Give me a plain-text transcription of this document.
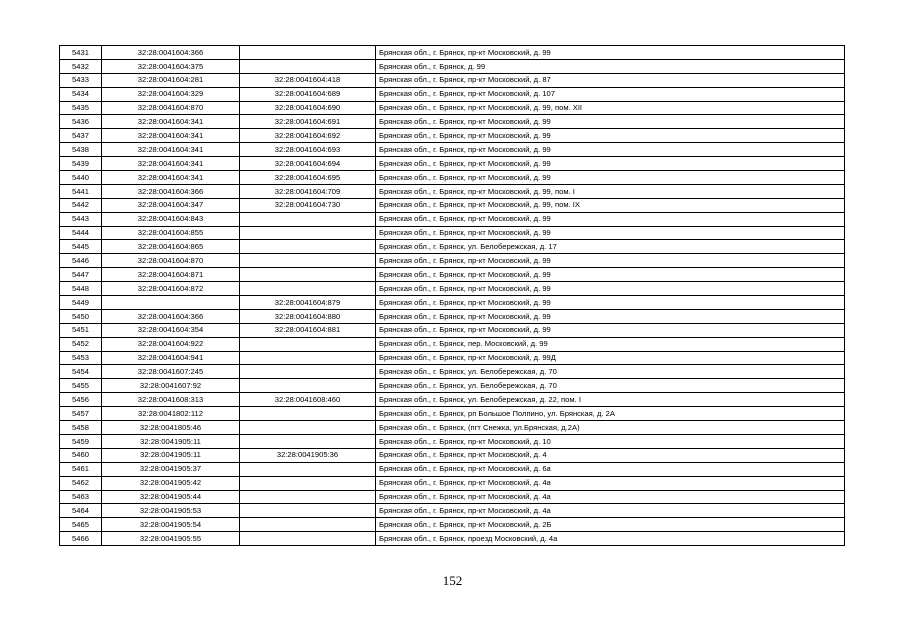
5431	32:28:0041604:366		Брянская обл., г. Брянск, пр-кт Московский, д. 99
5432	32:28:0041604:375		Брянская обл., г. Брянск, д. 99
5433	32:28:0041604:281	32:28:0041604:418	Брянская обл., г. Брянск, пр-кт Московский, д. 87
5434	32:28:0041604:329	32:28:0041604:689	Брянская обл., г. Брянск, пр-кт Московский, д. 107
5435	32:28:0041604:870	32:28:0041604:690	Брянская обл., г. Брянск, пр-кт Московский, д. 99, пом. XII
5436	32:28:0041604:341	32:28:0041604:691	Брянская обл., г. Брянск, пр-кт Московский, д. 99
5437	32:28:0041604:341	32:28:0041604:692	Брянская обл., г. Брянск, пр-кт Московский, д. 99
5438	32:28:0041604:341	32:28:0041604:693	Брянская обл., г. Брянск, пр-кт Московский, д. 99
5439	32:28:0041604:341	32:28:0041604:694	Брянская обл., г. Брянск, пр-кт Московский, д. 99
5440	32:28:0041604:341	32:28:0041604:695	Брянская обл., г. Брянск, пр-кт Московский, д. 99
5441	32:28:0041604:366	32:28:0041604:709	Брянская обл., г. Брянск, пр-кт Московский, д. 99, пом. I
5442	32:28:0041604:347	32:28:0041604:730	Брянская обл., г. Брянск, пр-кт Московский, д. 99, пом. IX
5443	32:28:0041604:843		Брянская обл., г. Брянск, пр-кт Московский, д. 99
5444	32:28:0041604:855		Брянская обл., г. Брянск, пр-кт Московский, д. 99
5445	32:28:0041604:865		Брянская обл., г. Брянск, ул. Белобережская, д. 17
5446	32:28:0041604:870		Брянская обл., г. Брянск, пр-кт Московский, д. 99
5447	32:28:0041604:871		Брянская обл., г. Брянск, пр-кт Московский, д. 99
5448	32:28:0041604:872		Брянская обл., г. Брянск, пр-кт Московский, д. 99
5449		32:28:0041604:879	Брянская обл., г. Брянск, пр-кт Московский, д. 99
5450	32:28:0041604:366	32:28:0041604:880	Брянская обл., г. Брянск, пр-кт Московский, д. 99
5451	32:28:0041604:354	32:28:0041604:881	Брянская обл., г. Брянск, пр-кт Московский, д. 99
5452	32:28:0041604:922		Брянская обл., г. Брянск, пер. Московский, д. 99
5453	32:28:0041604:941		Брянская обл., г. Брянск, пр-кт Московский, д. 99Д
5454	32:28:0041607:245		Брянская обл., г. Брянск, ул. Белобережская, д. 70
5455	32:28:0041607:92		Брянская обл., г. Брянск, ул. Белобережская, д. 70
5456	32:28:0041608:313	32:28:0041608:460	Брянская обл., г. Брянск, ул. Белобережская, д. 22, пом. I
5457	32:28:0041802:112		Брянская обл., г. Брянск, рп Большое Полпино, ул. Брянская, д. 2А
5458	32:28:0041805:46		Брянская обл., г. Брянск, (пгт Снежка, ул.Брянская, д.2А)
5459	32:28:0041905:11		Брянская обл., г. Брянск, пр-кт Московский, д. 10
5460	32:28:0041905:11	32:28:0041905:36	Брянская обл., г. Брянск, пр-кт Московский, д. 4
5461	32:28:0041905:37		Брянская обл., г. Брянск, пр-кт Московский, д. 6а
5462	32:28:0041905:42		Брянская обл., г. Брянск, пр-кт Московский, д. 4а
5463	32:28:0041905:44		Брянская обл., г. Брянск, пр-кт Московский, д. 4а
5464	32:28:0041905:53		Брянская обл., г. Брянск, пр-кт Московский, д. 4а
5465	32:28:0041905:54		Брянская обл., г. Брянск, пр-кт Московский, д. 2Б
5466	32:28:0041905:55		Брянская обл., г. Брянск, проезд Московский, д. 4а
152
